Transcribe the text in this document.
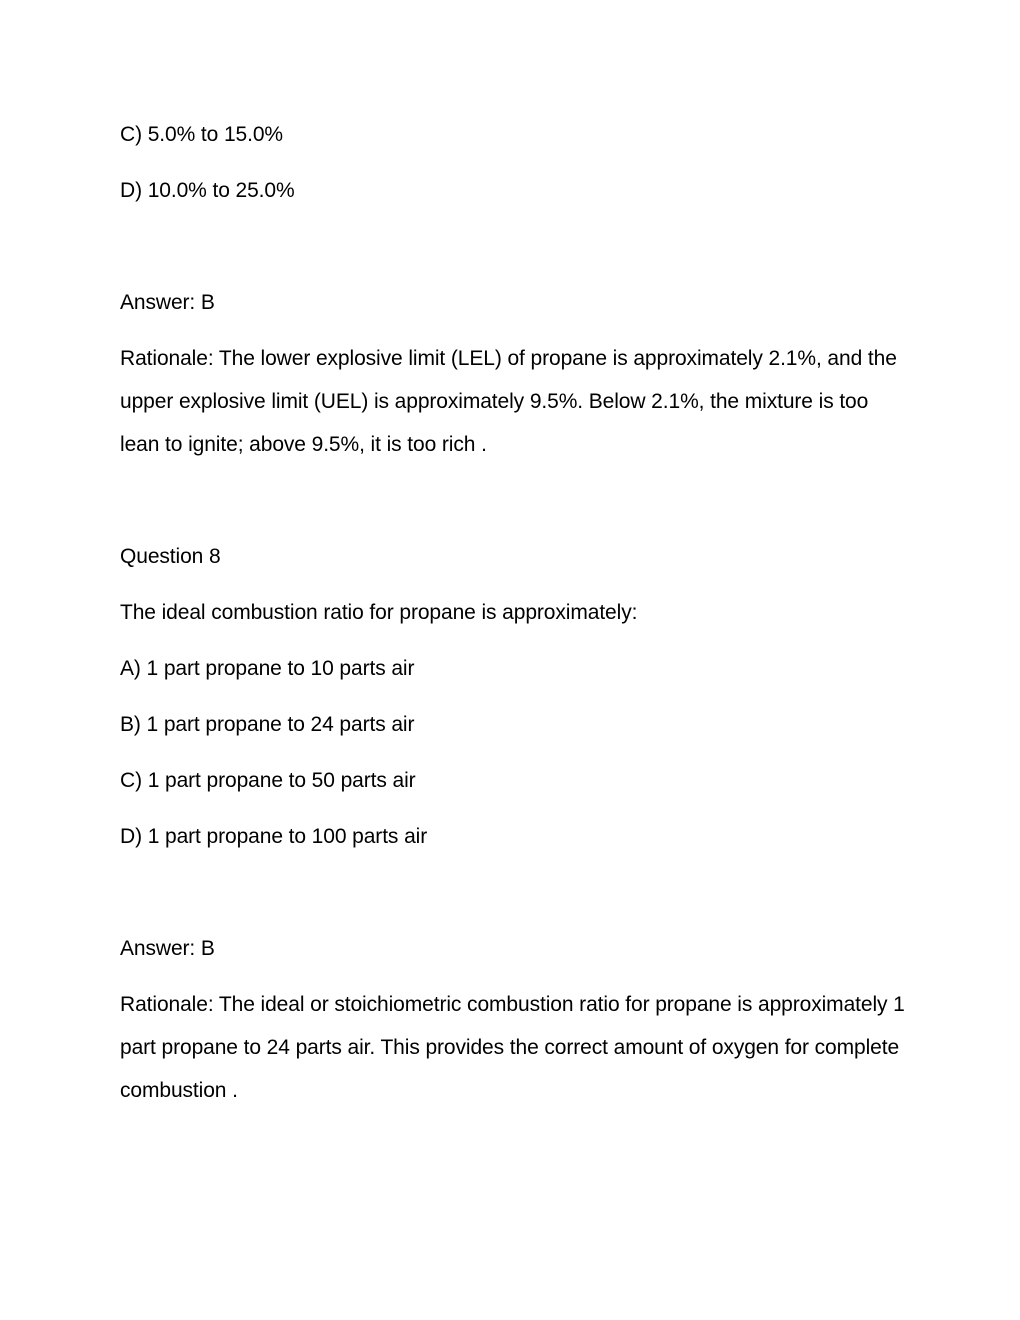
C) 5.0% to 15.0%
D) 10.0% to 25.0%
Answer: B
Rationale: The lower explosive limit (LEL) of propane is approximately 2.1%, and the upper explosive limit (UEL) is approximately 9.5%. Below 2.1%, the mixture is too lean to ignite; above 9.5%, it is too rich .
Question 8
The ideal combustion ratio for propane is approximately:
A) 1 part propane to 10 parts air
B) 1 part propane to 24 parts air
C) 1 part propane to 50 parts air
D) 1 part propane to 100 parts air
Answer: B
Rationale: The ideal or stoichiometric combustion ratio for propane is approximately 1 part propane to 24 parts air. This provides the correct amount of oxygen for complete combustion .
